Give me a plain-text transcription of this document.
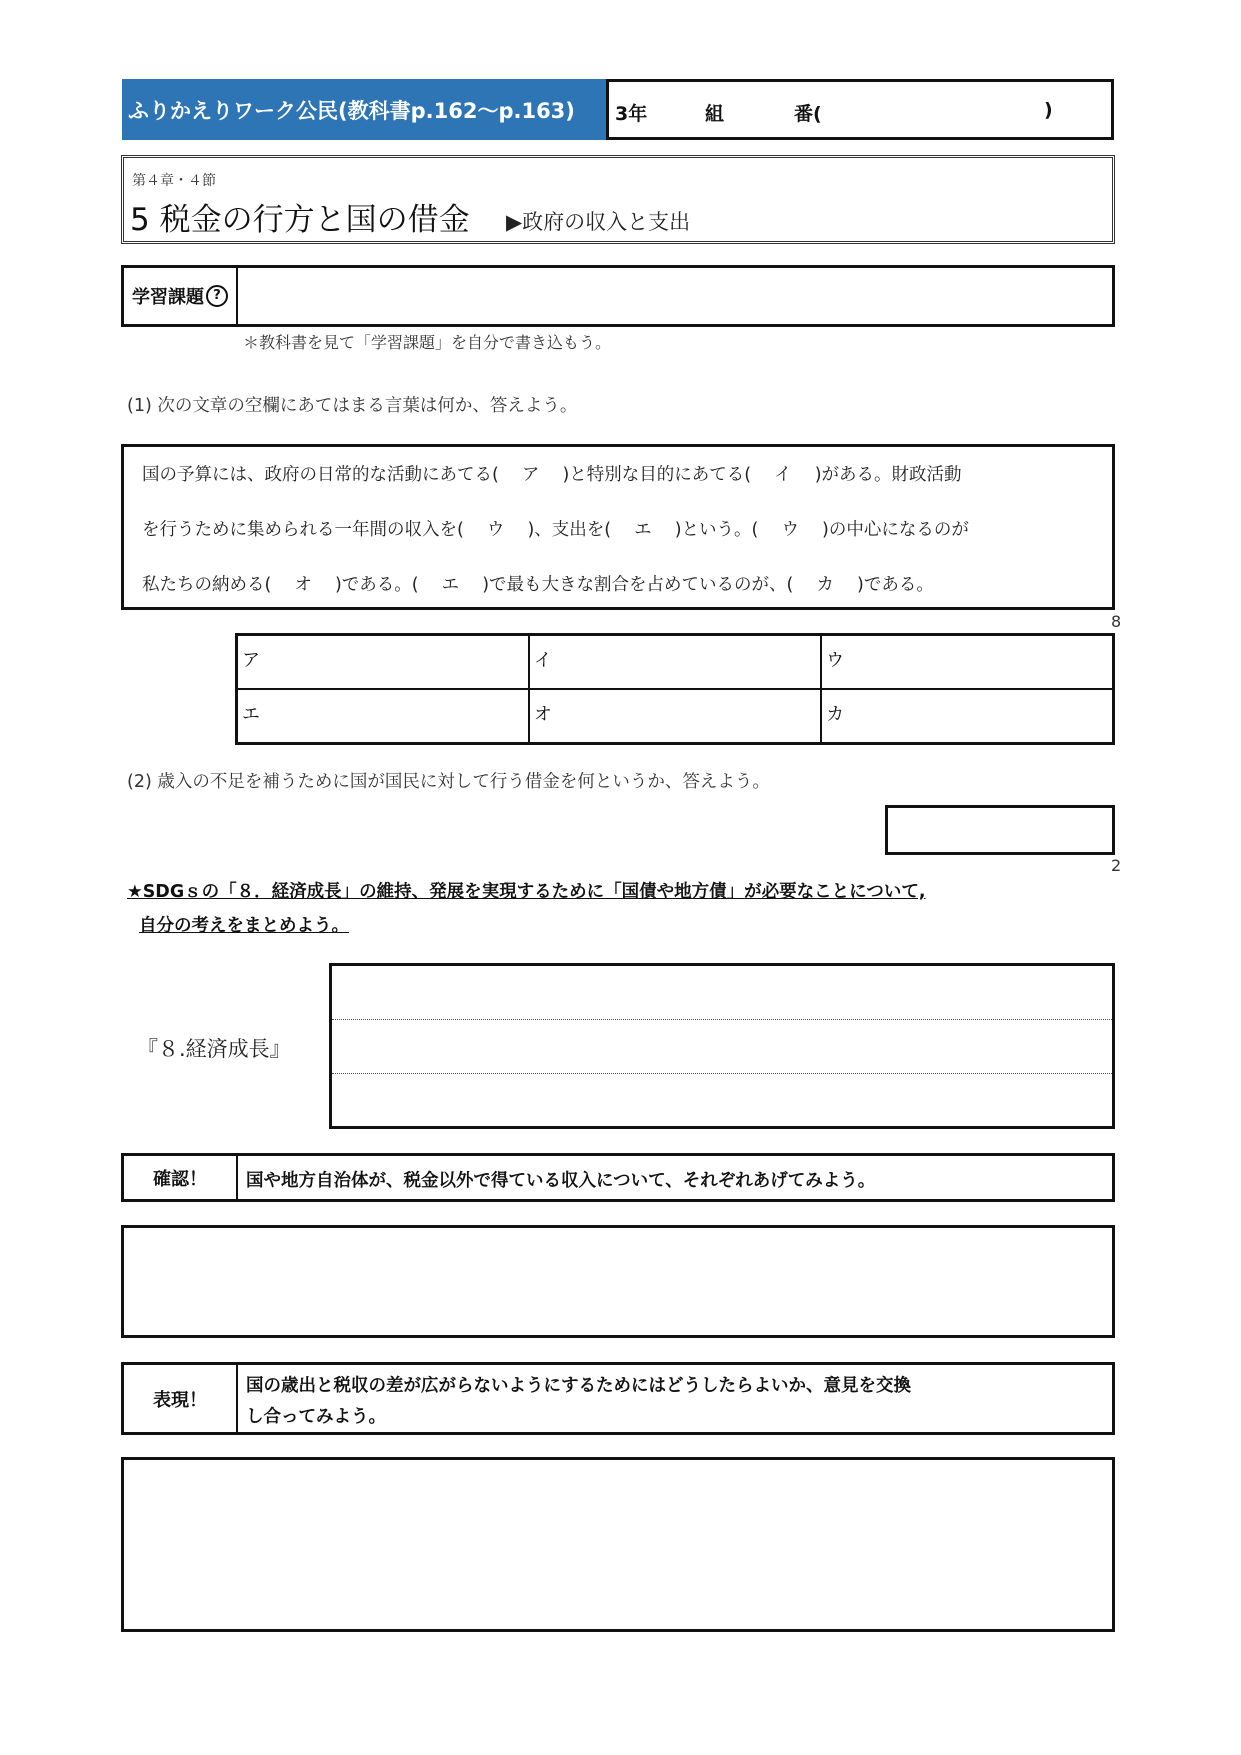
ふりかえりワーク公民(教科書p.162～p.163)	3年	組	番(	)
第４章・４節
5 税金の行方と国の借金 ▶政府の収入と支出
学習課題 ?
＊教科書を見て「学習課題」を自分で書き込もう。
(1) 次の文章の空欄にあてはまる言葉は何か、答えよう。
国の予算には、政府の日常的な活動にあてる(　 ア　 )と特別な目的にあてる(　 イ　 )がある。財政活動
を行うために集められる一年間の収入を(　 ウ　 )、支出を(　 エ　 )という。(　 ウ　 )の中心になるのが
私たちの納める(　 オ　 )である。(　 エ　 )で最も大きな割合を占めているのが、(　 カ　 )である。
8
ア	イ	ウ
エ	オ	カ
(2) 歳入の不足を補うために国が国民に対して行う借金を何というか、答えよう。
2
★SDGｓの「８．経済成長」の維持、発展を実現するために「国債や地方債」が必要なことについて,
自分の考えをまとめよう。
『８.経済成長』
確認！	国や地方自治体が、税金以外で得ている収入について、それぞれあげてみよう。
表現！
国の歳出と税収の差が広がらないようにするためにはどうしたらよいか、意見を交換
し合ってみよう。
